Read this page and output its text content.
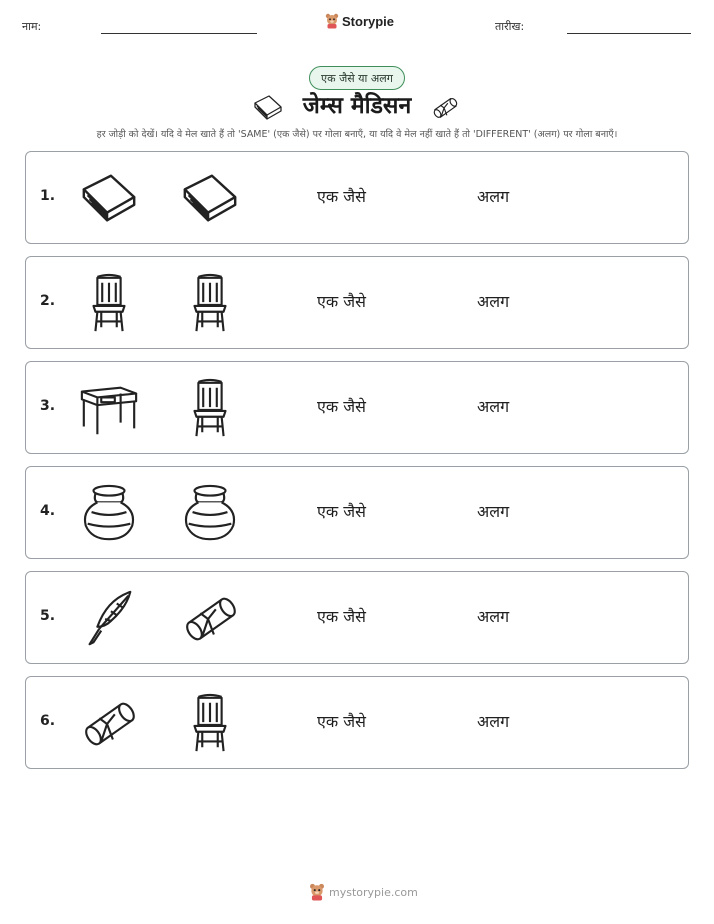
नाम:	Storypie	तारीख:
एक जैसे या अलग
जेम्स मैडिसन
हर जोड़ी को देखें। यदि वे मेल खाते हैं तो 'SAME' (एक जैसे) पर गोला बनाएँ, या यदि वे मेल नहीं खाते हैं तो 'DIFFERENT' (अलग) पर गोला बनाएँ।
1.	एक जैसे	अलग
2.	एक जैसे	अलग
3.	एक जैसे	अलग
4.	एक जैसे	अलग
5.	एक जैसे	अलग
6.	एक जैसे	अलग
mystorypie.com
